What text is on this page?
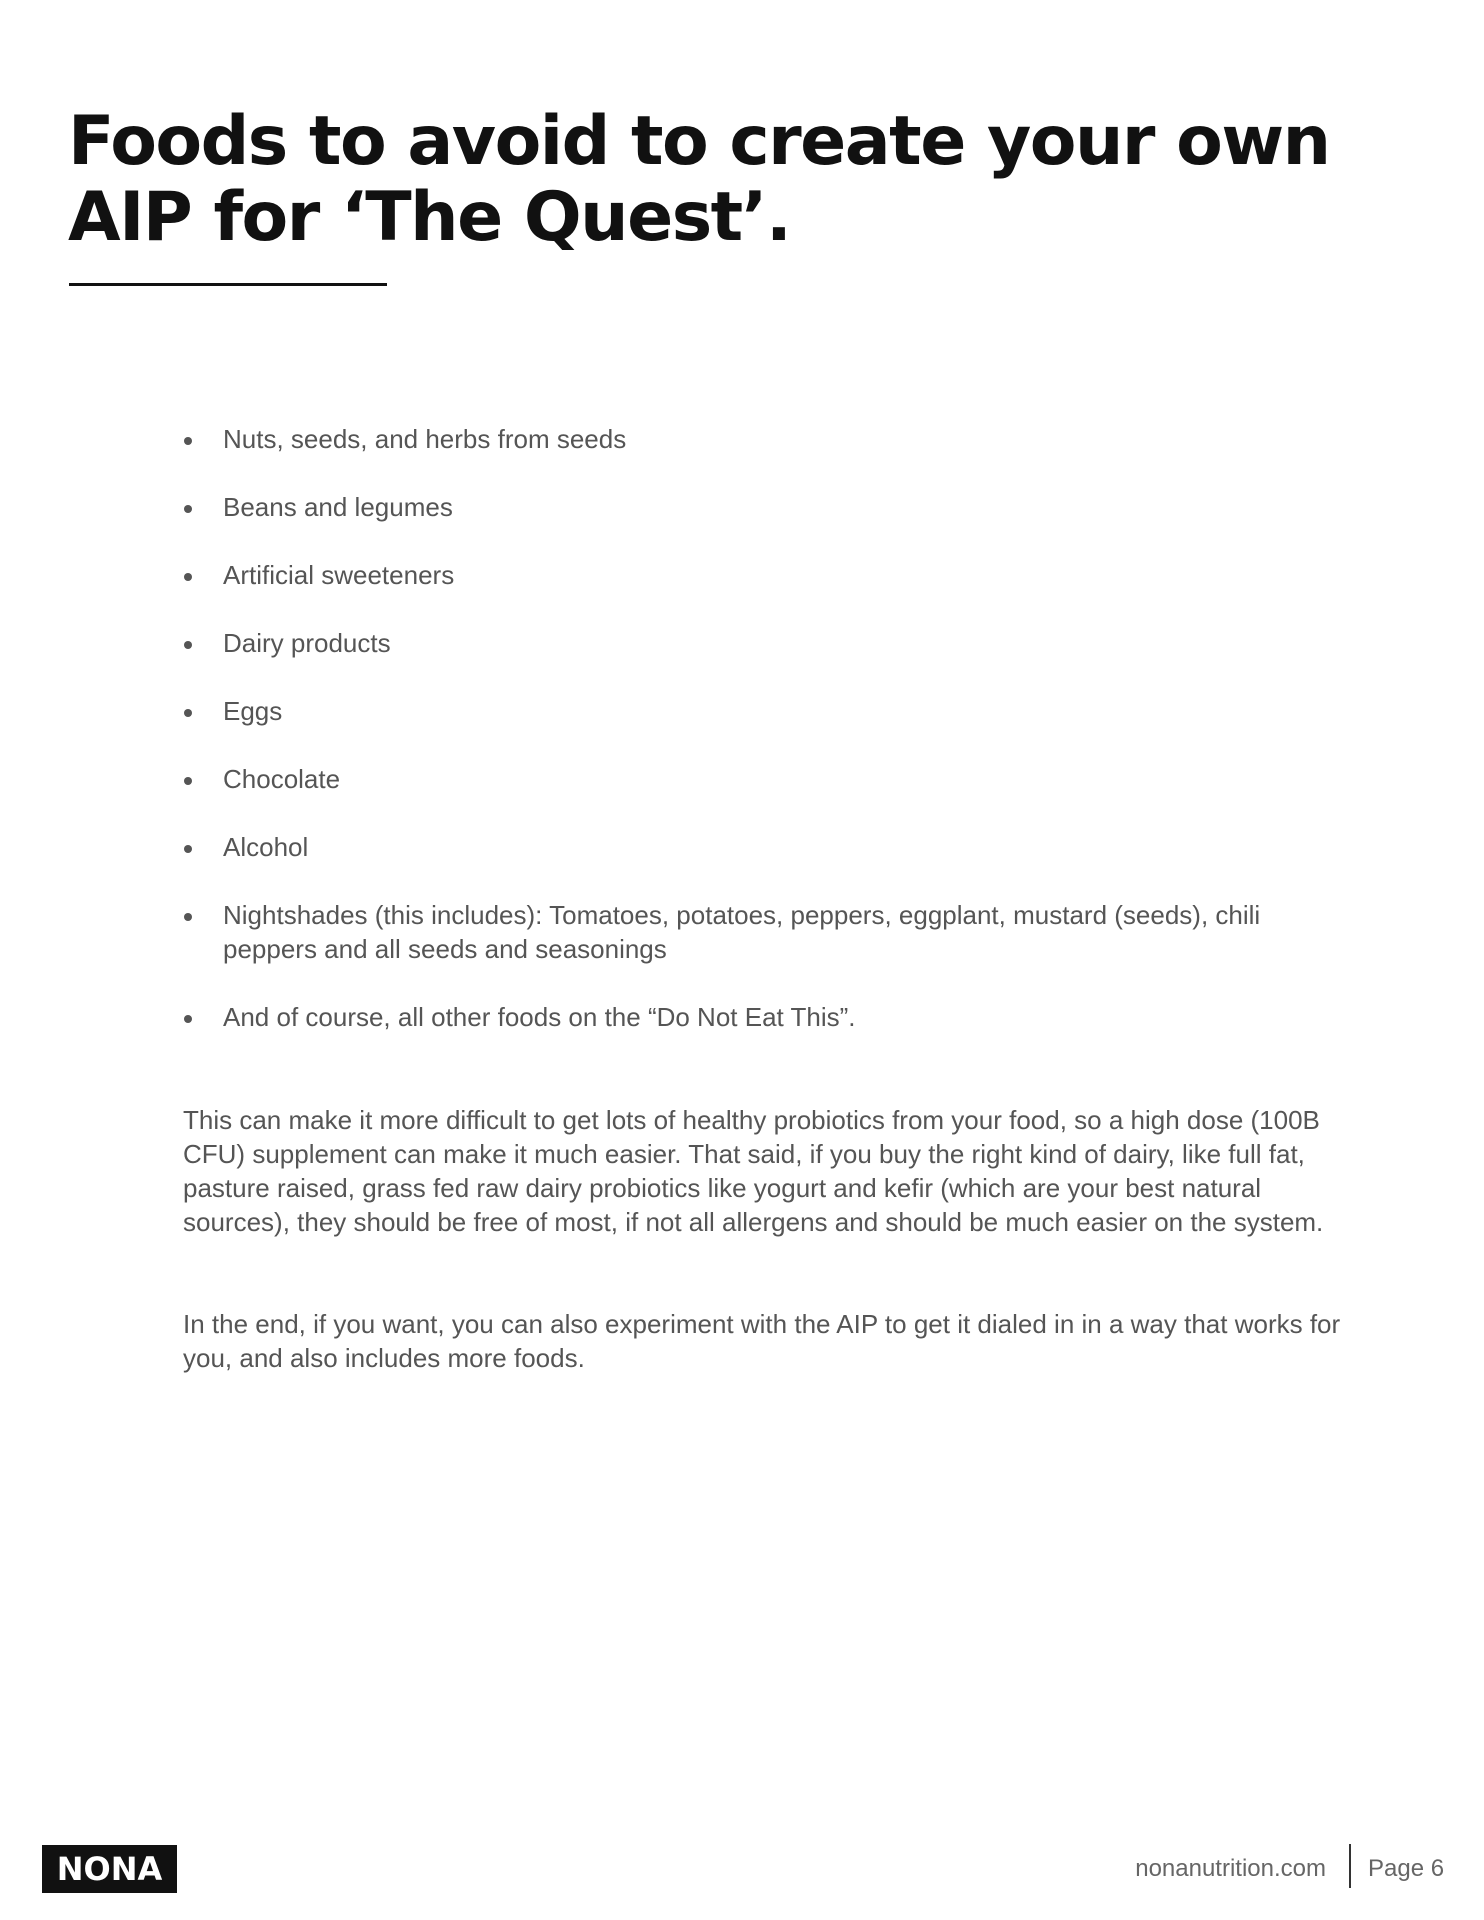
Foods to avoid to create your own AIP for ‘The Quest’.
Nuts, seeds, and herbs from seeds
Beans and legumes
Artificial sweeteners
Dairy products
Eggs
Chocolate
Alcohol
Nightshades (this includes): Tomatoes, potatoes, peppers, eggplant, mustard (seeds), chili peppers and all seeds and seasonings
And of course, all other foods on the “Do Not Eat This”.

This can make it more difficult to get lots of healthy probiotics from your food, so a high dose (100B CFU) supplement can make it much easier. That said, if you buy the right kind of dairy, like full fat, pasture raised, grass fed raw dairy probiotics like yogurt and kefir (which are your best natural sources), they should be free of most, if not all allergens and should be much easier on the system.

In the end, if you want, you can also experiment with the AIP to get it dialed in in a way that works for you, and also includes more foods.

NONA	nonanutrition.com Page 6
